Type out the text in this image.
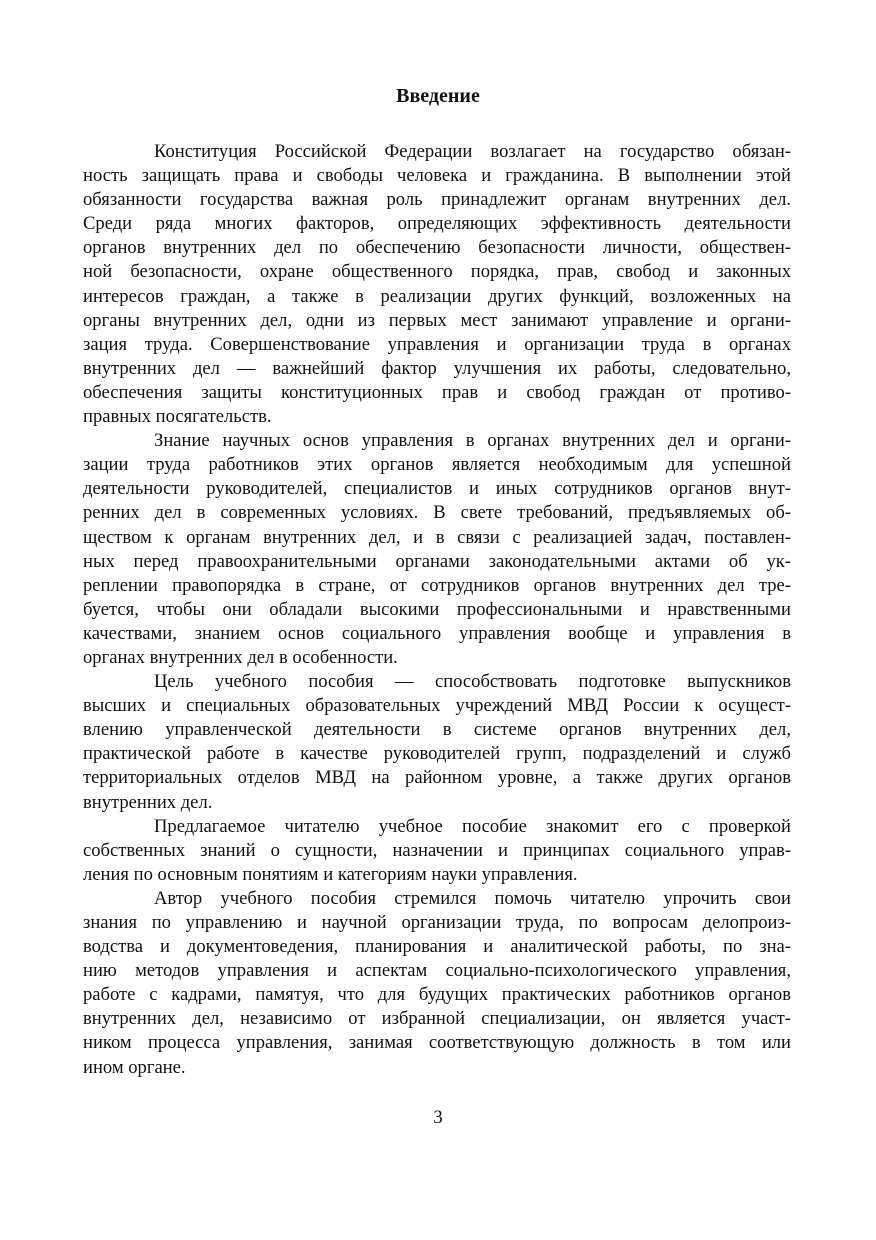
Введение
Конституция Российской Федерации возлагает на государство обязан-
ность защищать права и свободы человека и гражданина. В выполнении этой
обязанности государства важная роль принадлежит органам внутренних дел.
Среди ряда многих факторов, определяющих эффективность деятельности
органов внутренних дел по обеспечению безопасности личности, обществен-
ной безопасности, охране общественного порядка, прав, свобод и законных
интересов граждан, а также в реализации других функций, возложенных на
органы внутренних дел, одни из первых мест занимают управление и органи-
зация труда. Совершенствование управления и организации труда в органах
внутренних дел — важнейший фактор улучшения их работы, следовательно,
обеспечения защиты конституционных прав и свобод граждан от противо-
правных посягательств.
Знание научных основ управления в органах внутренних дел и органи-
зации труда работников этих органов является необходимым для успешной
деятельности руководителей, специалистов и иных сотрудников органов внут-
ренних дел в современных условиях. В свете требований, предъявляемых об-
ществом к органам внутренних дел, и в связи с реализацией задач, поставлен-
ных перед правоохранительными органами законодательными актами об ук-
реплении правопорядка в стране, от сотрудников органов внутренних дел тре-
буется, чтобы они обладали высокими профессиональными и нравственными
качествами, знанием основ социального управления вообще и управления в
органах внутренних дел в особенности.
Цель учебного пособия — способствовать подготовке выпускников
высших и специальных образовательных учреждений МВД России к осущест-
влению управленческой деятельности в системе органов внутренних дел,
практической работе в качестве руководителей групп, подразделений и служб
территориальных отделов МВД на районном уровне, а также других органов
внутренних дел.
Предлагаемое читателю учебное пособие знакомит его с проверкой
собственных знаний о сущности, назначении и принципах социального управ-
ления по основным понятиям и категориям науки управления.
Автор учебного пособия стремился помочь читателю упрочить свои
знания по управлению и научной организации труда, по вопросам делопроиз-
водства и документоведения, планирования и аналитической работы, по зна-
нию методов управления и аспектам социально-психологического управления,
работе с кадрами, памятуя, что для будущих практических работников органов
внутренних дел, независимо от избранной специализации, он является участ-
ником процесса управления, занимая соответствующую должность в том или
ином органе.
3
